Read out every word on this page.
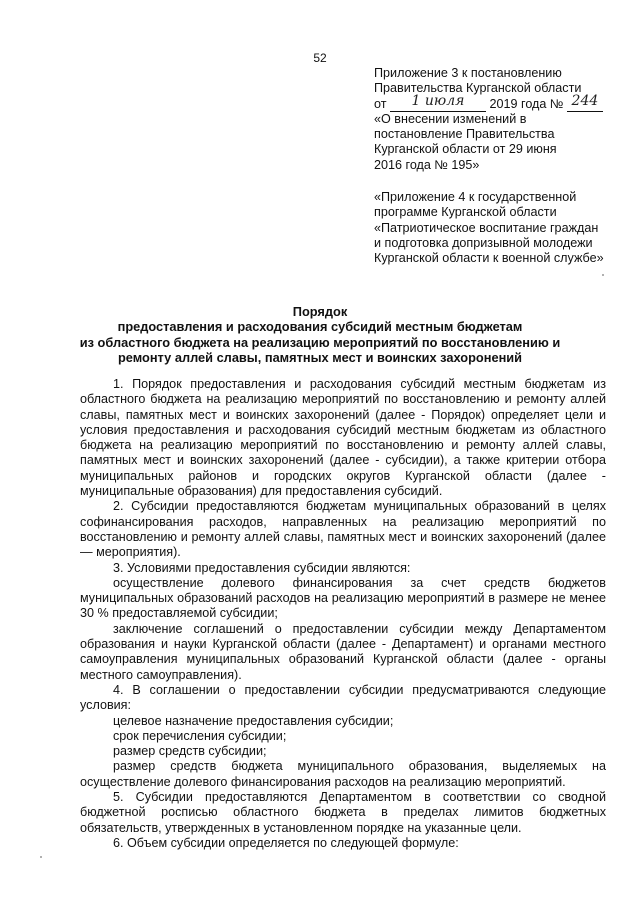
52
Приложение 3 к постановлению
Правительства Курганской области
от 1 июля 2019 года № 244
«О внесении изменений в
постановление Правительства
Курганской области от 29 июня
2016 года № 195»
«Приложение 4 к государственной
программе Курганской области
«Патриотическое воспитание граждан
и подготовка допризывной молодежи
Курганской области к военной службе»
Порядок
предоставления и расходования субсидий местным бюджетам
из областного бюджета на реализацию мероприятий по восстановлению и
ремонту аллей славы, памятных мест и воинских захоронений

1. Порядок предоставления и расходования субсидий местным бюджетам из областного бюджета на реализацию мероприятий по восстановлению и ремонту аллей славы, памятных мест и воинских захоронений (далее - Порядок) определяет цели и условия предоставления и расходования субсидий местным бюджетам из областного бюджета на реализацию мероприятий по восстановлению и ремонту аллей славы, памятных мест и воинских захоронений (далее - субсидии), а также критерии отбора муниципальных районов и городских округов Курганской области (далее - муниципальные образования) для предоставления субсидий.

2. Субсидии предоставляются бюджетам муниципальных образований в целях софинансирования расходов, направленных на реализацию мероприятий по восстановлению и ремонту аллей славы, памятных мест и воинских захоронений (далее — мероприятия).

3. Условиями предоставления субсидии являются:

осуществление долевого финансирования за счет средств бюджетов муниципальных образований расходов на реализацию мероприятий в размере не менее 30 % предоставляемой субсидии;

заключение соглашений о предоставлении субсидии между Департаментом образования и науки Курганской области (далее - Департамент) и органами местного самоуправления муниципальных образований Курганской области (далее - органы местного самоуправления).

4. В соглашении о предоставлении субсидии предусматриваются следующие условия:

целевое назначение предоставления субсидии;

срок перечисления субсидии;

размер средств субсидии;

размер средств бюджета муниципального образования, выделяемых на осуществление долевого финансирования расходов на реализацию мероприятий.

5. Субсидии предоставляются Департаментом в соответствии со сводной бюджетной росписью областного бюджета в пределах лимитов бюджетных обязательств, утвержденных в установленном порядке на указанные цели.

6. Объем субсидии определяется по следующей формуле:
